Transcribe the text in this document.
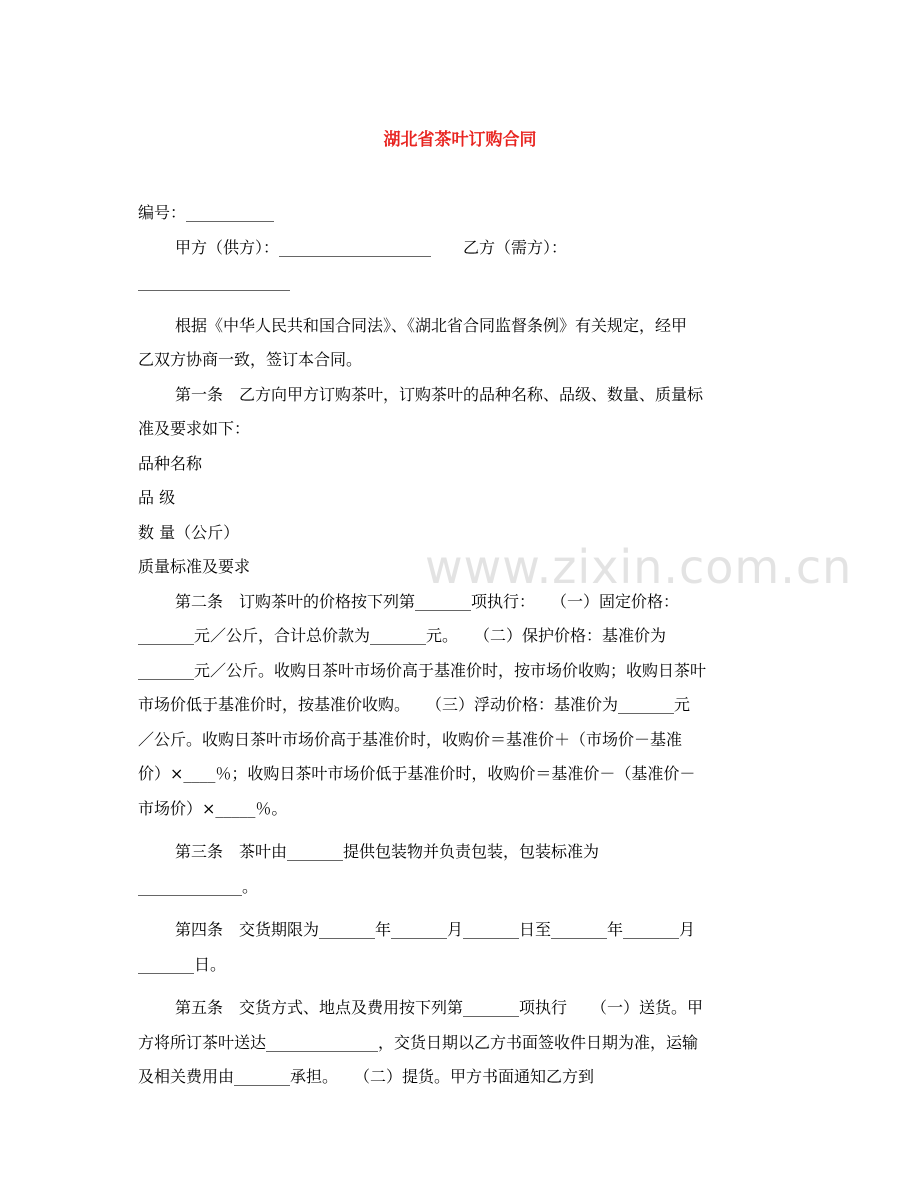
湖北省茶叶订购合同
www.zixin.com.cn
编号：___________
甲方（供方）：___________________　　乙方（需方）：
___________________
根据《中华人民共和国合同法》、《湖北省合同监督条例》有关规定，经甲
乙双方协商一致，签订本合同。
第一条　乙方向甲方订购茶叶，订购茶叶的品种名称、品级、数量、质量标
准及要求如下：
品种名称
品 级
数 量（公斤）
质量标准及要求
第二条　订购茶叶的价格按下列第_______项执行：　　（一）固定价格：
_______元／公斤，合计总价款为_______元。　　（二）保护价格：基准价为
_______元／公斤。收购日茶叶市场价高于基准价时，按市场价收购；收购日茶叶
市场价低于基准价时，按基准价收购。　　（三）浮动价格：基准价为_______元
／公斤。收购日茶叶市场价高于基准价时，收购价＝基准价＋（市场价－基准
价）×____％；收购日茶叶市场价低于基准价时，收购价＝基准价－（基准价－
市场价）×_____％。
第三条　茶叶由_______提供包装物并负责包装，包装标准为
_____________。
第四条　交货期限为_______年_______月_______日至_______年_______月
_______日。
第五条　交货方式、地点及费用按下列第_______项执行　　（一）送货。甲
方将所订茶叶送达______________，交货日期以乙方书面签收件日期为准，运输
及相关费用由_______承担。　　（二）提货。甲方书面通知乙方到
